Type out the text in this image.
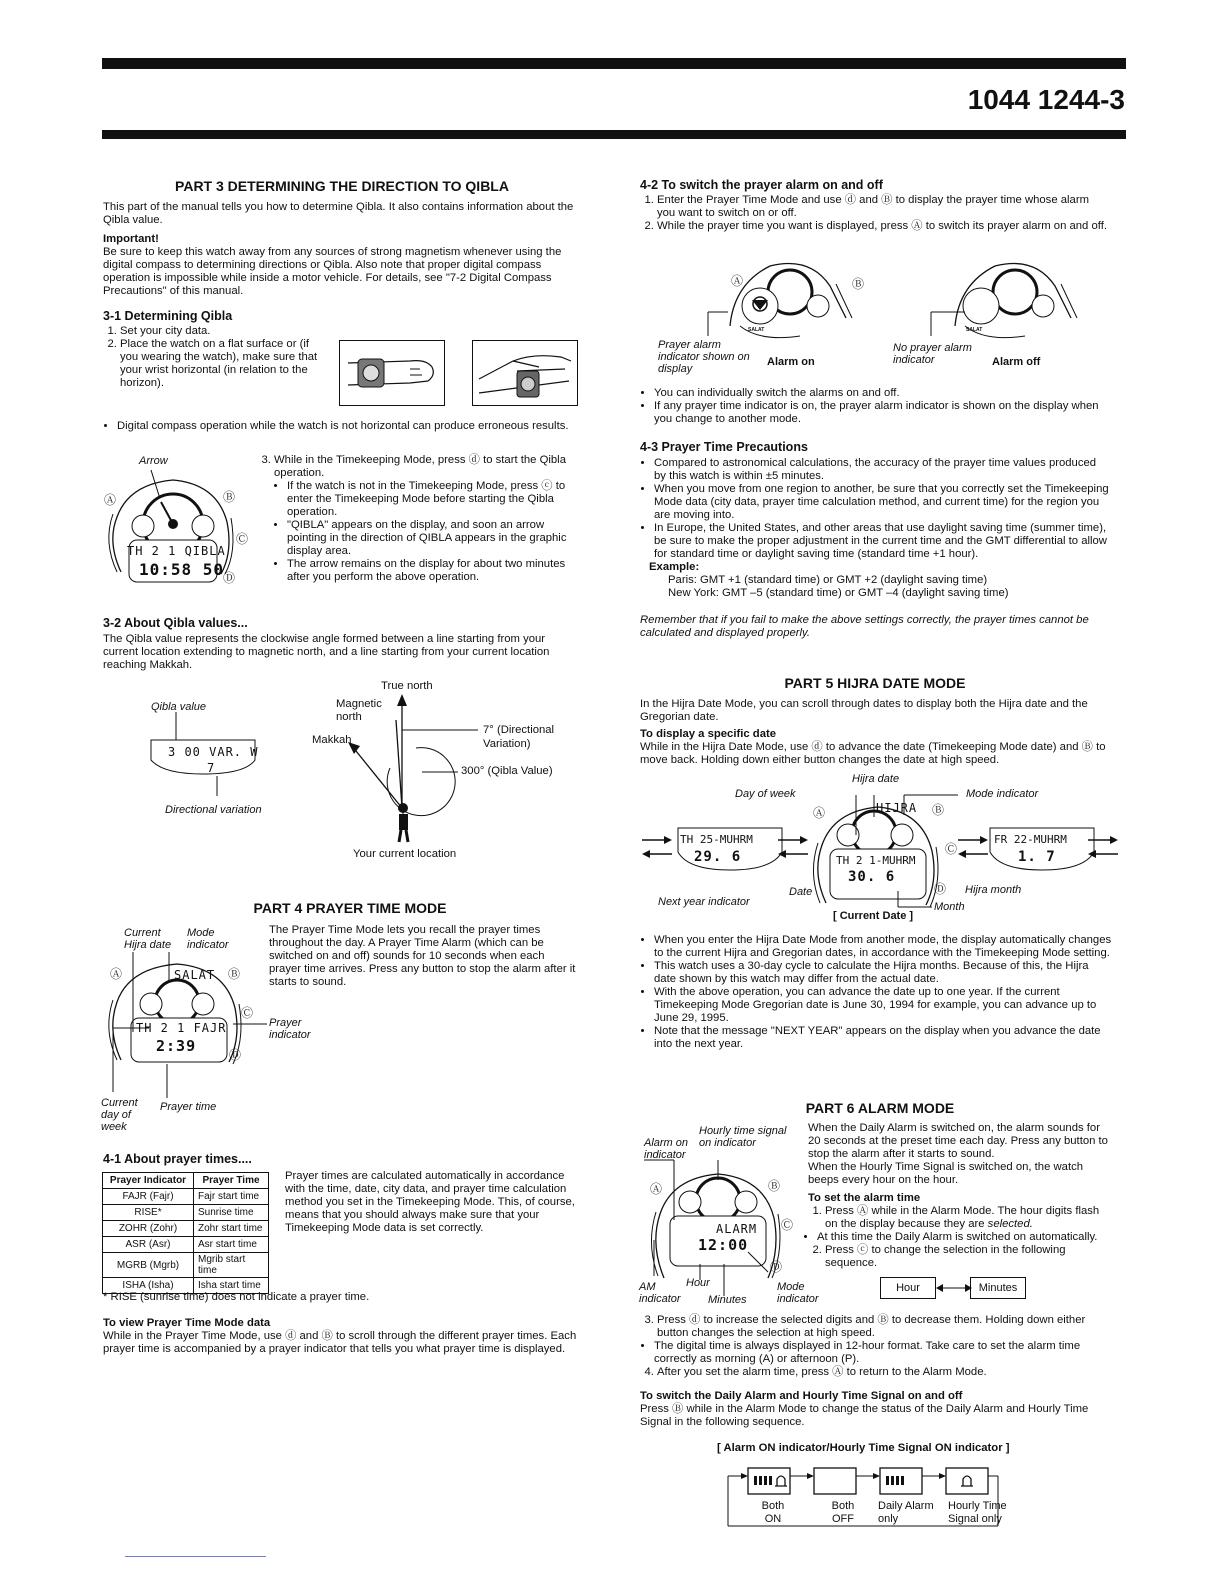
1044 1244-3
PART 3 DETERMINING THE DIRECTION TO QIBLA

This part of the manual tells you how to determine Qibla. It also contains information about the Qibla value.

Important!

Be sure to keep this watch away from any sources of strong magnetism whenever using the digital compass to determining directions or Qibla. Also note that proper digital compass operation is impossible while inside a motor vehicle. For details, see "7-2 Digital Compass Precautions" of this manual.

3-1 Determining Qibla

1. Set your city data.
2. Place the watch on a flat surface or (if you wearing the watch), make sure that your wrist horizontal (in relation to the horizon).
• Digital compass operation while the watch is not horizontal can produce erroneous results.
Arrow
TH 2 1 QIBLA
10:58 50
Ⓐ	Ⓑ
Ⓒ
Ⓓ
3. While in the Timekeeping Mode, press ⓓ to start the Qibla operation.
• If the watch is not in the Timekeeping Mode, press ⓒ to enter the Timekeeping Mode before starting the Qibla operation.
• "QIBLA" appears on the display, and soon an arrow pointing in the direction of QIBLA appears in the graphic display area.
• The arrow remains on the display for about two minutes after you perform the above operation.

3-2 About Qibla values...

The Qibla value represents the clockwise angle formed between a line starting from your current location extending to magnetic north, and a line starting from your current location reaching Makkah.

Qibla value
3 00 VAR. W
7
Directional variation
True north
Magnetic north
Makkah
7° (Directional Variation)
300° (Qibla Value)
Your current location
PART 4 PRAYER TIME MODE
Current Hijra date
Mode indicator
SALAT
TH 2 1 FAJR
2:39
Ⓐ	Ⓑ
Ⓒ
Ⓓ
Prayer indicator
Current day of week
Prayer time
The Prayer Time Mode lets you recall the prayer times throughout the day. A Prayer Time Alarm (which can be switched on and off) sounds for 10 seconds when each prayer time arrives. Press any button to stop the alarm after it starts to sound.

4-1 About prayer times....

Prayer Indicator	Prayer Time
FAJR (Fajr)	Fajr start time
RISE*	Sunrise time
ZOHR (Zohr)	Zohr start time
ASR (Asr)	Asr start time
MGRB (Mgrb)	Mgrib start time
ISHA (Isha)	Isha start time
Prayer times are calculated automatically in accordance with the time, date, city data, and prayer time calculation method you set in the Timekeeping Mode. This, of course, means that you should always make sure that your Timekeeping Mode data is set correctly.
* RISE (sunrise time) does not indicate a prayer time.

To view Prayer Time Mode data

While in the Prayer Time Mode, use ⓓ and Ⓑ to scroll through the different prayer times. Each prayer time is accompanied by a prayer indicator that tells you what prayer time is displayed.

4-2 To switch the prayer alarm on and off

1. Enter the Prayer Time Mode and use ⓓ and Ⓑ to display the prayer time whose alarm you want to switch on or off.
2. While the prayer time you want is displayed, press Ⓐ to switch its prayer alarm on and off.
SALAT
Ⓐ	Ⓑ
Prayer alarm indicator shown on display
Alarm on
SALAT
No prayer alarm indicator	Alarm off
• You can individually switch the alarms on and off.
• If any prayer time indicator is on, the prayer alarm indicator is shown on the display when you change to another mode.

4-3 Prayer Time Precautions

• Compared to astronomical calculations, the accuracy of the prayer time values produced by this watch is within ±5 minutes.
• When you move from one region to another, be sure that you correctly set the Timekeeping Mode data (city data, prayer time calculation method, and current time) for the region you are moving into.
• In Europe, the United States, and other areas that use daylight saving time (summer time), be sure to make the proper adjustment in the current time and the GMT differential to allow for standard time or daylight saving time (standard time +1 hour).

Example:

Paris: GMT +1 (standard time) or GMT +2 (daylight saving time)

New York: GMT –5 (standard time) or GMT –4 (daylight saving time)

Remember that if you fail to make the above settings correctly, the prayer times cannot be calculated and displayed properly.

PART 5 HIJRA DATE MODE

In the Hijra Date Mode, you can scroll through dates to display both the Hijra date and the Gregorian date.

To display a specific date

While in the Hijra Date Mode, use ⓓ to advance the date (Timekeeping Mode date) and Ⓑ to move back. Holding down either button changes the date at high speed.

Hijra date
Day of week	Mode indicator
TH 25-MUHRM
29. 6
HIJRA
TH 2 1-MUHRM
30. 6
Ⓐ	Ⓑ
Ⓒ
Ⓓ
FR 22-MUHRM
1. 7
Next year indicator
Date
[ Current Date ]
Month
Hijra month
• When you enter the Hijra Date Mode from another mode, the display automatically changes to the current Hijra and Gregorian dates, in accordance with the Timekeeping Mode setting.
• This watch uses a 30-day cycle to calculate the Hijra months. Because of this, the Hijra date shown by this watch may differ from the actual date.
• With the above operation, you can advance the date up to one year. If the current Timekeeping Mode Gregorian date is June 30, 1994 for example, you can advance up to June 29, 1995.
• Note that the message "NEXT YEAR" appears on the display when you advance the date into the next year.
PART 6 ALARM MODE
Hourly time signal on indicator
Alarm on indicator
ALARM
12:00
Ⓐ	Ⓑ
Ⓒ
Ⓓ
AM indicator
Hour
Minutes
Mode indicator

When the Daily Alarm is switched on, the alarm sounds for 20 seconds at the preset time each day. Press any button to stop the alarm after it starts to sound.

When the Hourly Time Signal is switched on, the watch beeps every hour on the hour.

To set the alarm time

1. Press Ⓐ while in the Alarm Mode. The hour digits flash on the display because they are selected.
• At this time the Daily Alarm is switched on automatically.
2. Press ⓒ to change the selection in the following sequence.
Hour	Minutes
3. Press ⓓ to increase the selected digits and Ⓑ to decrease them. Holding down either button changes the selection at high speed.
• The digital time is always displayed in 12-hour format. Take care to set the alarm time correctly as morning (A) or afternoon (P).
4. After you set the alarm time, press Ⓐ to return to the Alarm Mode.

To switch the Daily Alarm and Hourly Time Signal on and off

Press Ⓑ while in the Alarm Mode to change the status of the Daily Alarm and Hourly Time Signal in the following sequence.

[ Alarm ON indicator/Hourly Time Signal ON indicator ]
Both ON
Both OFF
Daily Alarm only
Hourly Time Signal only
